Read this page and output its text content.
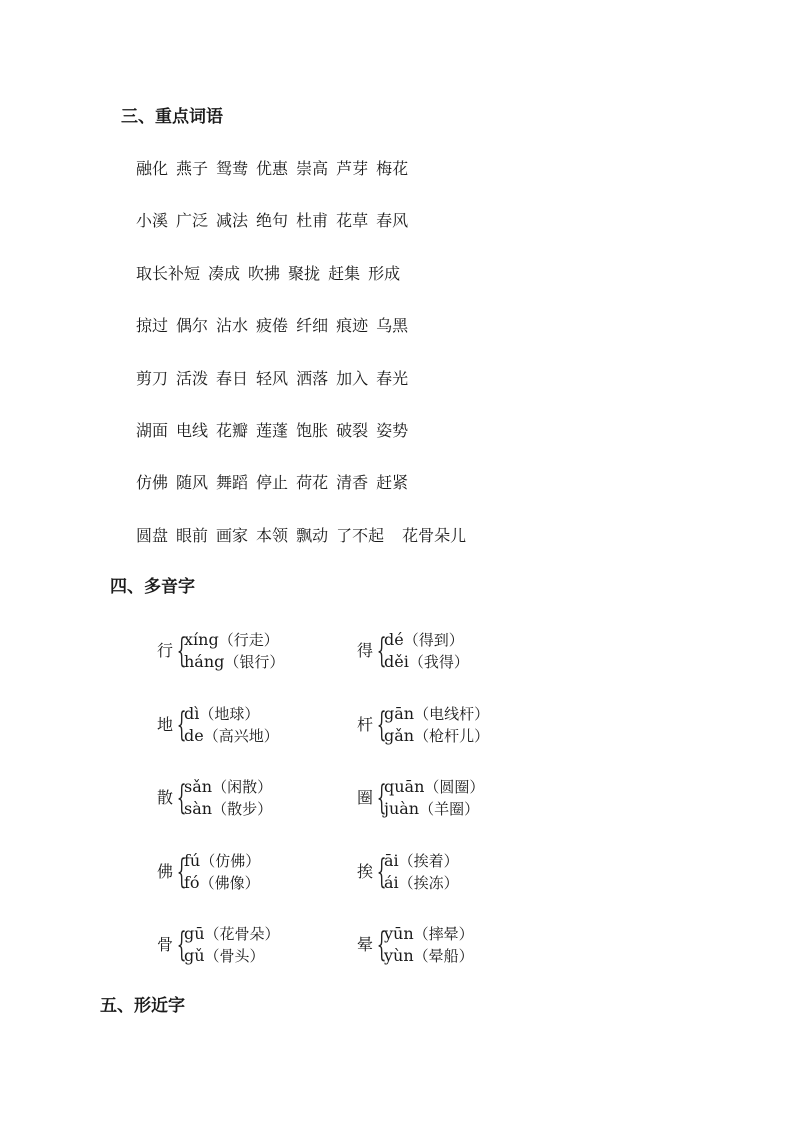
三、重点词语
融化 燕子 鸳鸯 优惠 崇高 芦芽 梅花
小溪 广泛 减法 绝句 杜甫 花草 春风
取长补短 凑成 吹拂 聚拢 赶集 形成
掠过 偶尔 沾水 疲倦 纤细 痕迹 乌黑
剪刀 活泼 春日 轻风 洒落 加入 春光
湖面 电线 花瓣 莲蓬 饱胀 破裂 姿势
仿佛 随风 舞蹈 停止 荷花 清香 赶紧
圆盘 眼前 画家 本领 飘动 了不起 花骨朵儿
四、多音字
行 {
xíng（行走）
háng（银行）
得 {
dé（得到）
děi（我得）
地 {
dì（地球）
de（高兴地）
杆 {
gān（电线杆）
gǎn（枪杆儿）
散 {
sǎn（闲散）
sàn（散步）
圈 {
quān（圆圈）
juàn（羊圈）
佛 {
fú（仿佛）
fó（佛像）
挨 {
āi（挨着）
ái（挨冻）
骨 {
gū（花骨朵）
gǔ（骨头）
晕 {
yūn（摔晕）
yùn（晕船）
五、形近字
